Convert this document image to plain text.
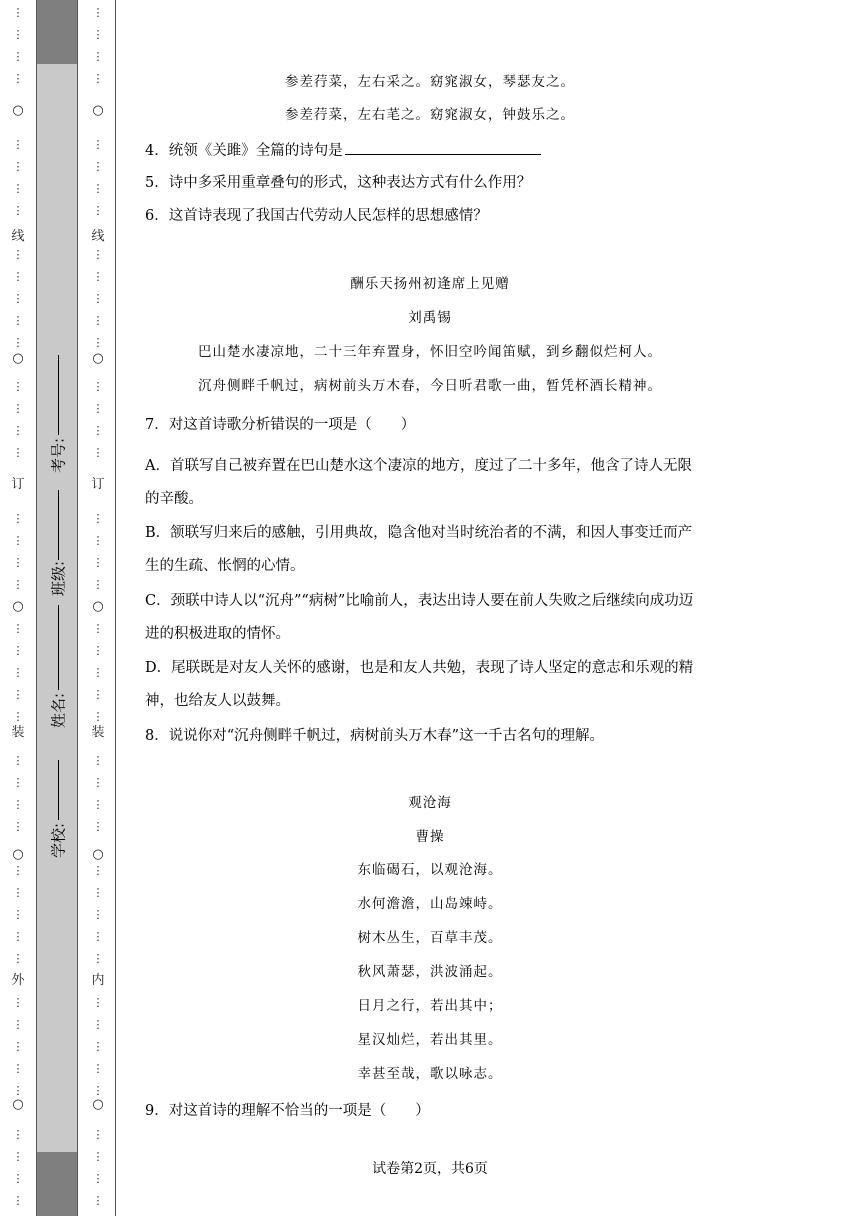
⋮
⋮
⋮
⋮
⋮
⋮
⋮
⋮
⋮
⋮
⋮
⋮
⋮
⋮
⋮
⋮
⋮
⋮
⋮
⋮
⋮
⋮
⋮
⋮
⋮
⋮
⋮
⋮
⋮
⋮
⋮
⋮
⋮
⋮
⋮
⋮
⋮
⋮
⋮
⋮
⋮
⋮
⋮
⋮
○
线
○
订
○
装
○
外
○
⋮
⋮
⋮
⋮
⋮
⋮
⋮
⋮
⋮
⋮
⋮
⋮
⋮
⋮
⋮
⋮
⋮
⋮
⋮
⋮
⋮
⋮
⋮
⋮
⋮
⋮
⋮
⋮
⋮
⋮
⋮
⋮
⋮
⋮
⋮
⋮
⋮
⋮
⋮
⋮
⋮
⋮
⋮
⋮
○
线
○
订
○
装
○
内
○
学校:
姓名:
班级:
考号:
参差荇菜，左右采之。窈窕淑女，琴瑟友之。
参差荇菜，左右芼之。窈窕淑女，钟鼓乐之。
4．统领《关雎》全篇的诗句是
5．诗中多采用重章叠句的形式，这种表达方式有什么作用？
6．这首诗表现了我国古代劳动人民怎样的思想感情？
酬乐天扬州初逢席上见赠
刘禹锡
巴山楚水凄凉地，二十三年弃置身，怀旧空吟闻笛赋，到乡翻似烂柯人。
沉舟侧畔千帆过，病树前头万木春，今日听君歌一曲，暂凭杯酒长精神。
7．对这首诗歌分析错误的一项是（　　）
A．首联写自己被弃置在巴山楚水这个凄凉的地方，度过了二十多年，他含了诗人无限
的辛酸。
B．颔联写归来后的感触，引用典故，隐含他对当时统治者的不满，和因人事变迁而产
生的生疏、怅惘的心情。
C．颈联中诗人以“沉舟”“病树”比喻前人，表达出诗人要在前人失败之后继续向成功迈
进的积极进取的情怀。
D．尾联既是对友人关怀的感谢，也是和友人共勉，表现了诗人坚定的意志和乐观的精
神，也给友人以鼓舞。
8．说说你对“沉舟侧畔千帆过，病树前头万木春”这一千古名句的理解。
观沧海
曹操
东临碣石，以观沧海。
水何澹澹，山岛竦峙。
树木丛生，百草丰茂。
秋风萧瑟，洪波涌起。
日月之行，若出其中；
星汉灿烂，若出其里。
幸甚至哉，歌以咏志。
9．对这首诗的理解不恰当的一项是（　　）
试卷第2页，共6页
